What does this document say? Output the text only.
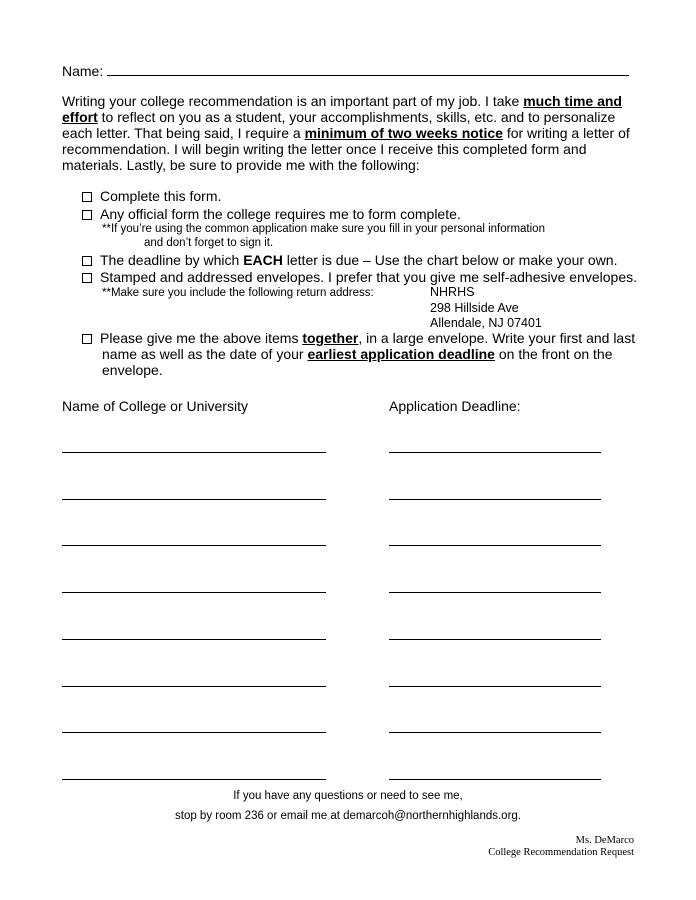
Name:
Writing your college recommendation is an important part of my job. I take much time and effort to reflect on you as a student, your accomplishments, skills, etc. and to personalize each letter. That being said, I require a minimum of two weeks notice for writing a letter of recommendation. I will begin writing the letter once I receive this completed form and materials. Lastly, be sure to provide me with the following:
Complete this form.
Any official form the college requires me to form complete.
**If you’re using the common application make sure you fill in your personal information
and don’t forget to sign it.
The deadline by which EACH letter is due – Use the chart below or make your own.
Stamped and addressed envelopes. I prefer that you give me self-adhesive envelopes.
**Make sure you include the following return address:	NHRHS
298 Hillside Ave
Allendale, NJ 07401
Please give me the above items together, in a large envelope. Write your first and last name as well as the date of your earliest application deadline on the front on the envelope.
Name of College or University	Application Deadline:
If you have any questions or need to see me,
stop by room 236 or email me at demarcoh@northernhighlands.org.
Ms. DeMarco
College Recommendation Request
